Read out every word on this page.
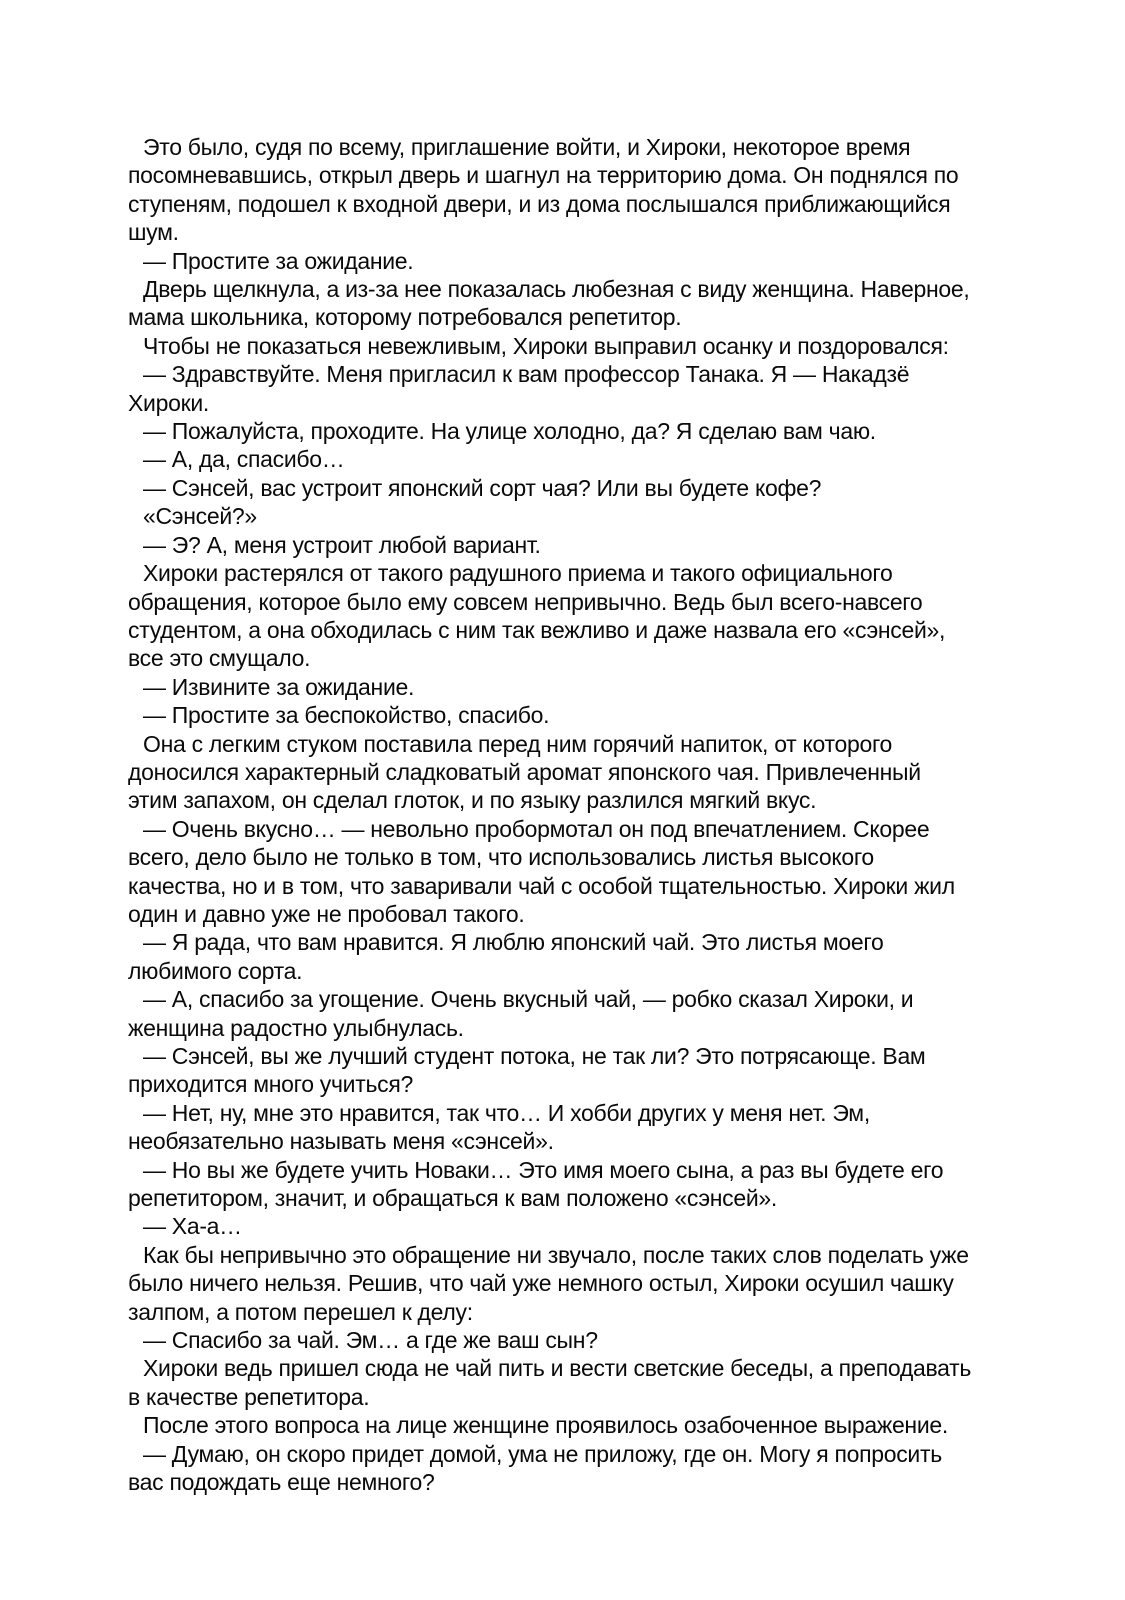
Это было, судя по всему, приглашение войти, и Хироки, некоторое время
посомневавшись, открыл дверь и шагнул на территорию дома. Он поднялся по
ступеням, подошел к входной двери, и из дома послышался приближающийся
шум.
— Простите за ожидание.
Дверь щелкнула, а из-за нее показалась любезная с виду женщина. Наверное,
мама школьника, которому потребовался репетитор.
Чтобы не показаться невежливым, Хироки выправил осанку и поздоровался:
— Здравствуйте. Меня пригласил к вам профессор Танака. Я — Накадзё
Хироки.
— Пожалуйста, проходите. На улице холодно, да? Я сделаю вам чаю.
— А, да, спасибо…
— Сэнсей, вас устроит японский сорт чая? Или вы будете кофе?
«Сэнсей?»
— Э? А, меня устроит любой вариант.
Хироки растерялся от такого радушного приема и такого официального
обращения, которое было ему совсем непривычно. Ведь был всего-навсего
студентом, а она обходилась с ним так вежливо и даже назвала его «сэнсей»,
все это смущало.
— Извините за ожидание.
— Простите за беспокойство, спасибо.
Она с легким стуком поставила перед ним горячий напиток, от которого
доносился характерный сладковатый аромат японского чая. Привлеченный
этим запахом, он сделал глоток, и по языку разлился мягкий вкус.
— Очень вкусно… — невольно пробормотал он под впечатлением. Скорее
всего, дело было не только в том, что использовались листья высокого
качества, но и в том, что заваривали чай с особой тщательностью. Хироки жил
один и давно уже не пробовал такого.
— Я рада, что вам нравится. Я люблю японский чай. Это листья моего
любимого сорта.
— А, спасибо за угощение. Очень вкусный чай, — робко сказал Хироки, и
женщина радостно улыбнулась.
— Сэнсей, вы же лучший студент потока, не так ли? Это потрясающе. Вам
приходится много учиться?
— Нет, ну, мне это нравится, так что… И хобби других у меня нет. Эм,
необязательно называть меня «сэнсей».
— Но вы же будете учить Новаки… Это имя моего сына, а раз вы будете его
репетитором, значит, и обращаться к вам положено «сэнсей».
— Ха-а…
Как бы непривычно это обращение ни звучало, после таких слов поделать уже
было ничего нельзя. Решив, что чай уже немного остыл, Хироки осушил чашку
залпом, а потом перешел к делу:
— Спасибо за чай. Эм… а где же ваш сын?
Хироки ведь пришел сюда не чай пить и вести светские беседы, а преподавать
в качестве репетитора.
После этого вопроса на лице женщине проявилось озабоченное выражение.
— Думаю, он скоро придет домой, ума не приложу, где он. Могу я попросить
вас подождать еще немного?
